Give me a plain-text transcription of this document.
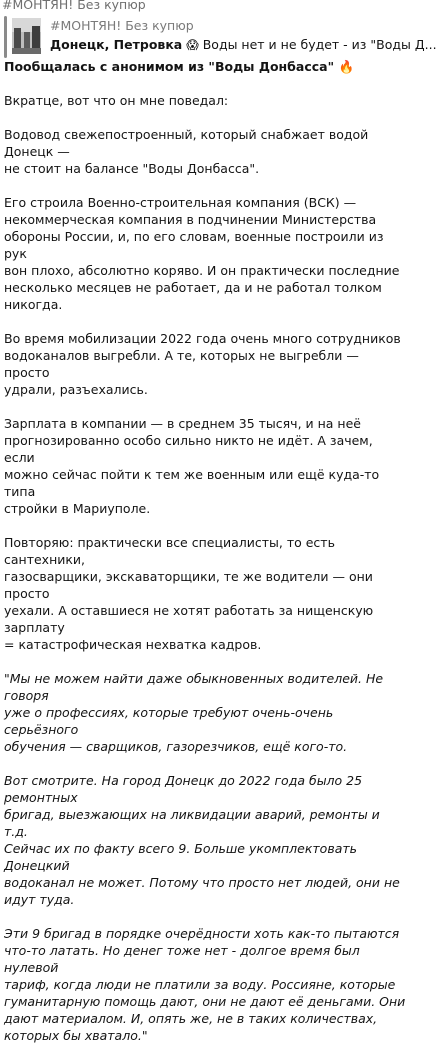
#МОНТЯН! Без купюр
#МОНТЯН! Без купюр
Донецк, Петровка 😱 Воды нет и не будет - из "Воды Д...

Пообщалась с анонимом из "Воды Донбасса" 🔥

Вкратце, вот что он мне поведал:

Водовод свежепостроенный, который снабжает водой Донецк —
не стоит на балансе "Воды Донбасса".

Его строила Военно-строительная компания (ВСК) —
некоммерческая компания в подчинении Министерства
обороны России, и, по его словам, военные построили из рук
вон плохо, абсолютно коряво. И он практически последние
несколько месяцев не работает, да и не работал толком никогда.

Во время мобилизации 2022 года очень много сотрудников
водоканалов выгребли. А те, которых не выгребли — просто
удрали, разъехались.

Зарплата в компании — в среднем 35 тысяч, и на неё
прогнозированно особо сильно никто не идёт. А зачем, если
можно сейчас пойти к тем же военным или ещё куда-то типа
стройки в Мариуполе.

Повторяю: практически все специалисты, то есть сантехники,
газосварщики, экскаваторщики, те же водители — они просто
уехали. А оставшиеся не хотят работать за нищенскую зарплату
= катастрофическая нехватка кадров.

"Мы не можем найти даже обыкновенных водителей. Не говоря
уже о профессиях, которые требуют очень-очень серьёзного
обучения — сварщиков, газорезчиков, ещё кого-то.

Вот смотрите. На город Донецк до 2022 года было 25 ремонтных
бригад, выезжающих на ликвидации аварий, ремонты и т.д.
Сейчас их по факту всего 9. Больше укомплектовать Донецкий
водоканал не может. Потому что просто нет людей, они не
идут туда.

Эти 9 бригад в порядке очерёдности хоть как-то пытаются
что-то латать. Но денег тоже нет - долгое время был нулевой
тариф, когда люди не платили за воду. Россияне, которые
гуманитарную помощь дают, они не дают её деньгами. Они
дают материалом. И, опять же, не в таких количествах,
которых бы хватало."
